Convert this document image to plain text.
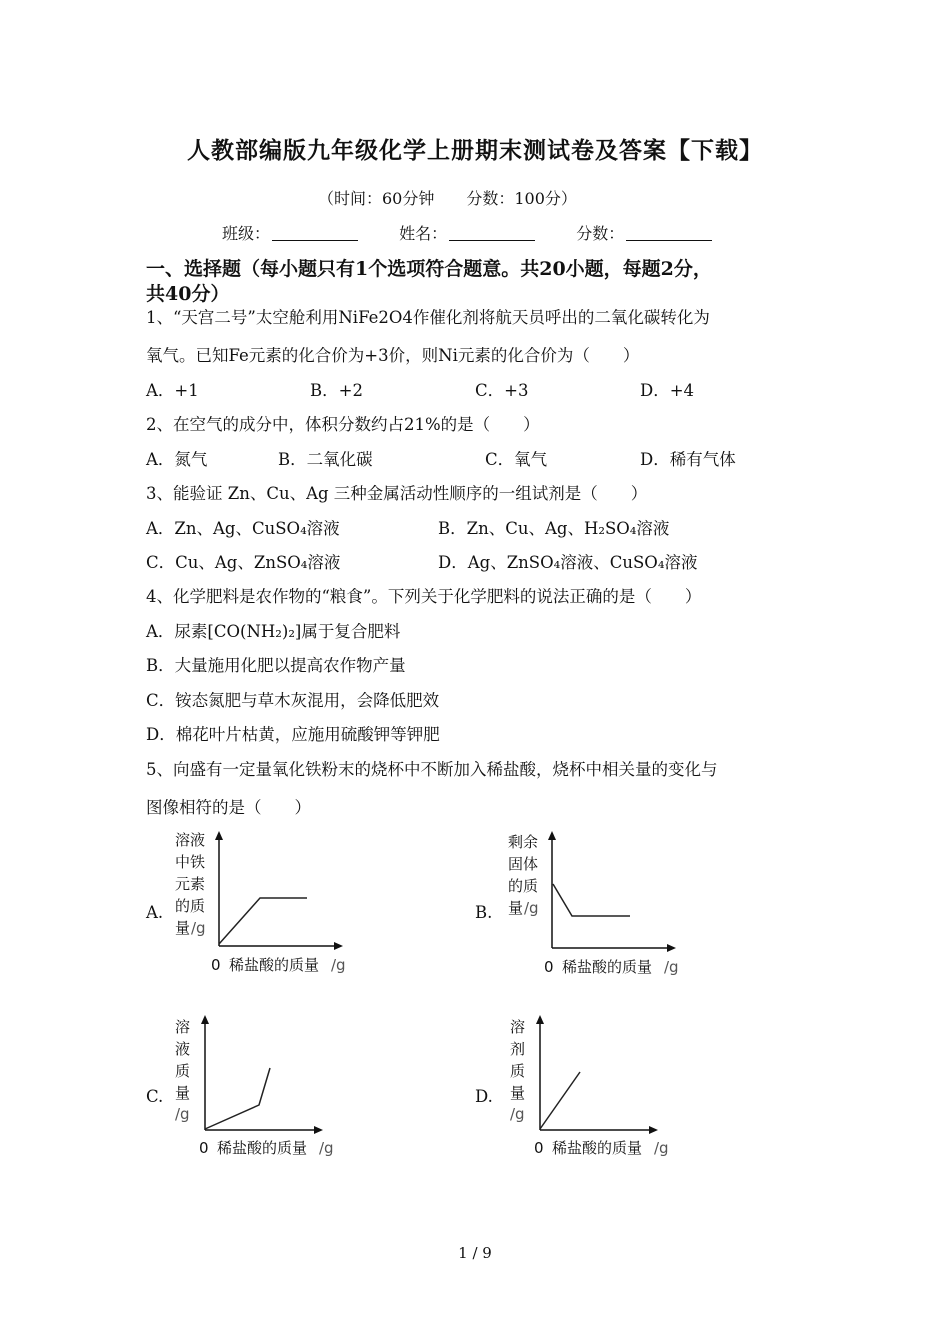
人教部编版九年级化学上册期末测试卷及答案【下载】
（时间：60分钟　　分数：100分）
班级：	姓名：	分数：
一、选择题（每小题只有1个选项符合题意。共20小题，每题2分，
共40分）
1、“天宫二号”太空舱利用NiFe2O4作催化剂将航天员呼出的二氧化碳转化为
氧气。已知Fe元素的化合价为+3价，则Ni元素的化合价为（　　）
A．+1	B．+2	C．+3	D．+4
2、在空气的成分中，体积分数约占21%的是（　　）
A．氮气	B．二氧化碳	C．氧气	D．稀有气体
3、能验证 Zn、Cu、Ag 三种金属活动性顺序的一组试剂是（　　）
A．Zn、Ag、CuSO₄溶液	B．Zn、Cu、Ag、H₂SO₄溶液
C．Cu、Ag、ZnSO₄溶液	D．Ag、ZnSO₄溶液、CuSO₄溶液
4、化学肥料是农作物的“粮食”。下列关于化学肥料的说法正确的是（　　）
A．尿素[CO(NH₂)₂]属于复合肥料
B．大量施用化肥以提高农作物产量
C．铵态氮肥与草木灰混用，会降低肥效
D．棉花叶片枯黄，应施用硫酸钾等钾肥
5、向盛有一定量氧化铁粉末的烧杯中不断加入稀盐酸，烧杯中相关量的变化与
图像相符的是（　　）
A.
溶液
中铁
元素
的质
量 /g
0 稀盐酸的质量 /g
B.
剩余
固体
的质
量 /g
0 稀盐酸的质量 /g
C.
溶
液
质
量
/g
0 稀盐酸的质量 /g
D.
溶
剂
质
量
/g
0 稀盐酸的质量 /g
1 / 9
